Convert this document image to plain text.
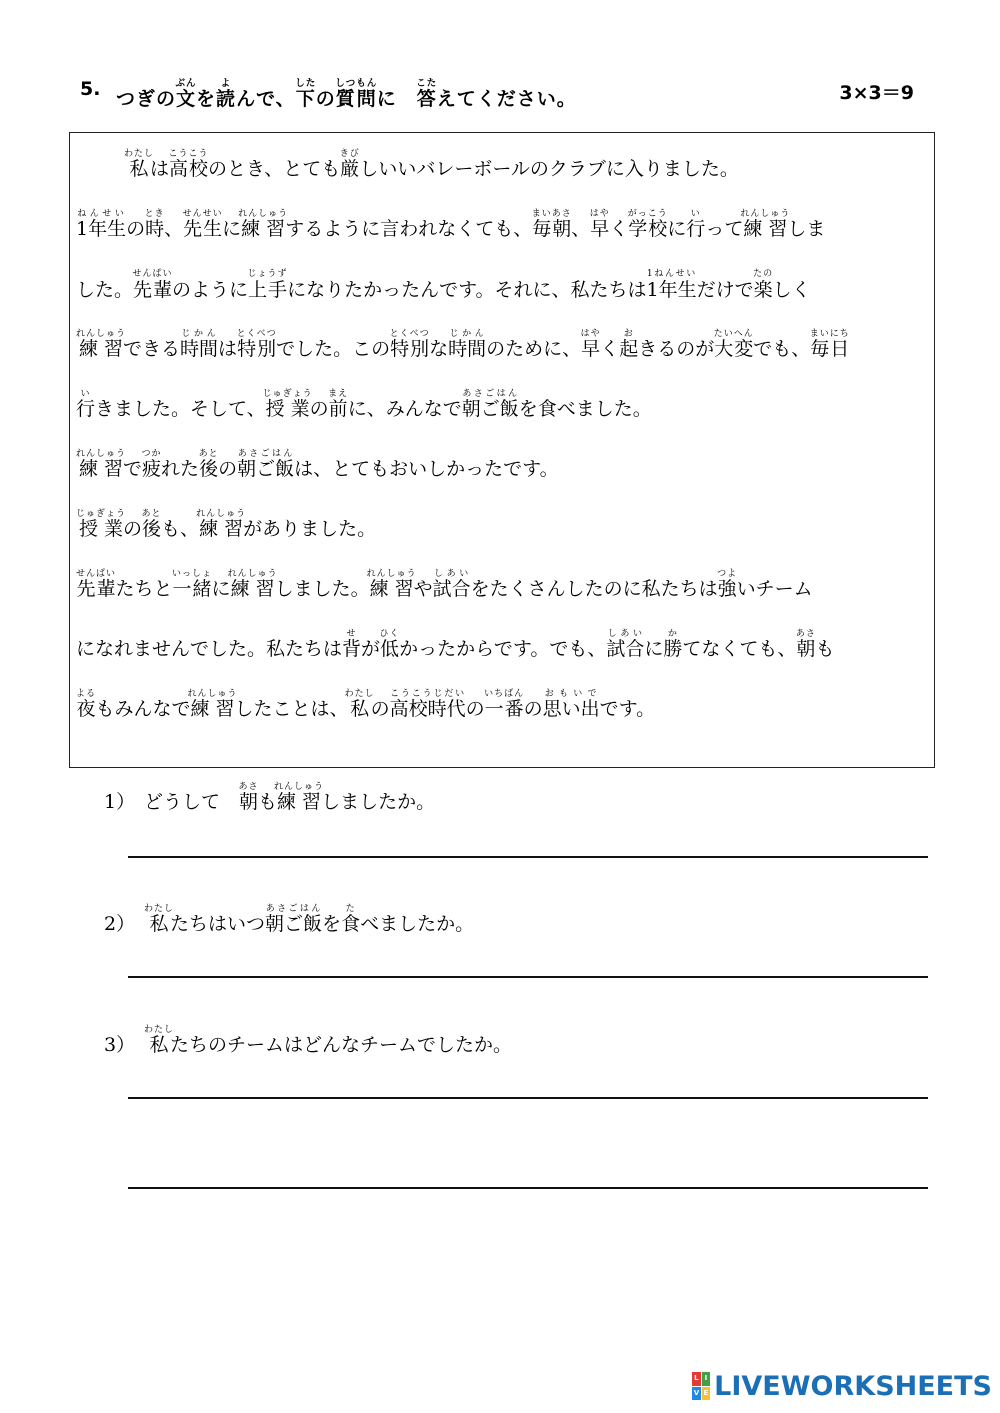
5. つぎの文ぶんを読よんで、下したの質問しつもんに　答こたえてください。	3×3＝9
私わたしは高校こうこうのとき、とても厳きびしいいバレーボールのクラブに入りました。
1年生ねんせいの時とき、先生せんせいに練習れんしゅうするように言われなくても、毎朝まいあさ、早はやく学校がっこうに行いって練習れんしゅうしま
した。先輩せんぱいのように上手じょうずになりたかったんです。それに、私たちは1年生1ねんせいだけで楽たのしく
練習れんしゅうできる時間じかんは特別とくべつでした。この特別とくべつな時間じかんのために、早はやく起おきるのが大変たいへんでも、毎日まいにち
行いきました。そして、授業じゅぎょうの前まえに、みんなで朝ご飯あさごはんを食べました。
練習れんしゅうで疲つかれた後あとの朝ご飯あさごはんは、とてもおいしかったです。
授業じゅぎょうの後あとも、練習れんしゅうがありました。
先輩せんぱいたちと一緒いっしょに練習れんしゅうしました。練習れんしゅうや試合しあいをたくさんしたのに私たちは強つよいチーム
になれませんでした。私たちは背せが低ひくかったからです。でも、試合しあいに勝かてなくても、朝あさも
夜よるもみんなで練習れんしゅうしたことは、私わたしの高校時代こうこうじだいの一番いちばんの思い出おもいでです。
1） どうして　朝あさも練習れんしゅうしましたか。
2） 私わたしたちはいつ朝ご飯あさごはんを食たべましたか。
3） 私わたしたちのチームはどんなチームでしたか。
L I
V E LIVEWORKSHEETS
